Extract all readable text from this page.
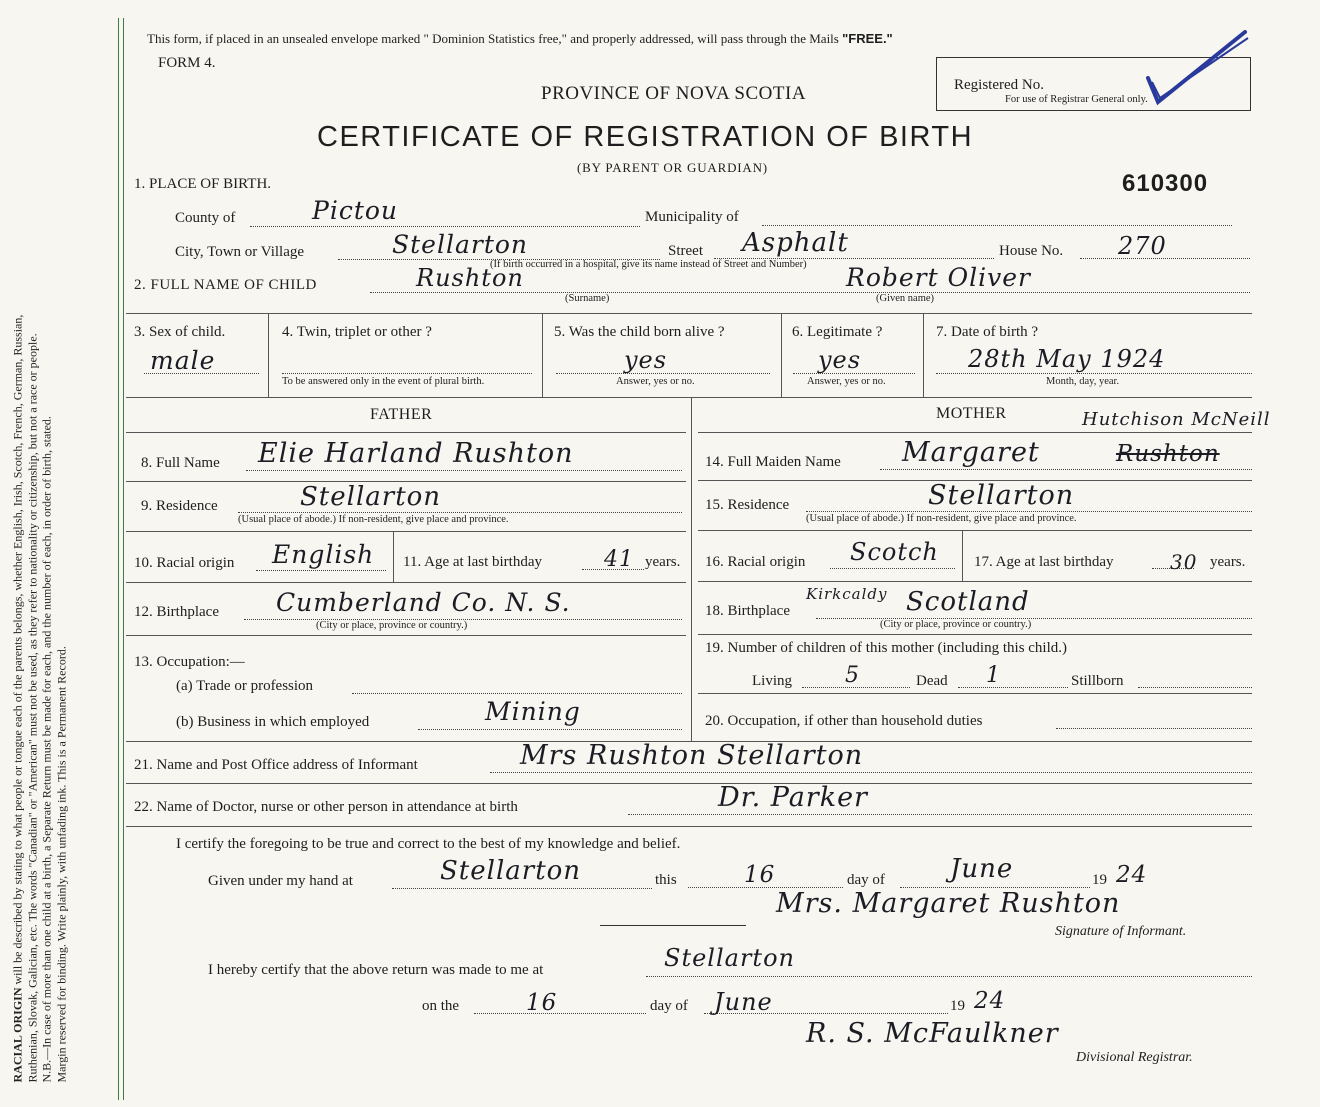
RACIAL ORIGIN will be described by stating to what people or tongue each of the parents belongs, whether English, Irish, Scotch, French, German, Russian, Ruthenian, Slovak, Galician, etc. The words "Canadian" or "American" must not be used, as they refer to nationality or citizenship, but not a race or people. N.B.—In case of more than one child at a birth, a Separate Return must be made for each, and the number of each, in order of birth, stated. Margin reserved for binding. Write plainly, with unfading ink. This is a Permanent Record.
This form, if placed in an unsealed envelope marked " Dominion Statistics free," and properly addressed, will pass through the Mails "FREE."
FORM 4.
PROVINCE OF NOVA SCOTIA
CERTIFICATE OF REGISTRATION OF BIRTH
(BY PARENT OR GUARDIAN)
Registered No.
For use of Registrar General only.
610300
1. PLACE OF BIRTH.
County of	Pictou	Municipality of
City, Town or Village	Stellarton	Street Asphalt	House No. 270
(If birth occurred in a hospital, give its name instead of Street and Number)
2. FULL NAME OF CHILD	Rushton	Robert Oliver
(Surname)	(Given name)
3. Sex of child.
male
4. Twin, triplet or other ?
To be answered only in the event of plural birth.
5. Was the child born alive ?
yes
Answer, yes or no.
6. Legitimate ?
yes
Answer, yes or no.
7. Date of birth ?
28th May 1924
Month, day, year.
FATHER	MOTHER
8. Full Name Elie Harland Rushton
9. Residence	Stellarton
(Usual place of abode.) If non-resident, give place and province.
10. Racial origin English 11. Age at last birthday	41 years.
12. Birthplace Cumberland Co. N. S.
(City or place, province or country.)
13. Occupation:—
(a) Trade or profession
(b) Business in which employed	Mining
Hutchison McNeill
14. Full Maiden Name Margaret	Rushton
15. Residence	Stellarton
(Usual place of abode.) If non-resident, give place and province.
16. Racial origin Scotch 17. Age at last birthday	30 years.
Kirkcaldy
18. Birthplace	Scotland
(City or place, province or country.)
19. Number of children of this mother (including this child.)
Living 5	Dead 1	Stillborn
20. Occupation, if other than household duties
21. Name and Post Office address of Informant	Mrs Rushton Stellarton
22. Name of Doctor, nurse or other person in attendance at birth	Dr. Parker
I certify the foregoing to be true and correct to the best of my knowledge and belief.
Given under my hand at	Stellarton	this	16	day of	June	19 24
Mrs. Margaret Rushton
Signature of Informant.
I hereby certify that the above return was made to me at	Stellarton
on the	16	day of June	19 24
R. S. McFaulkner
Divisional Registrar.
